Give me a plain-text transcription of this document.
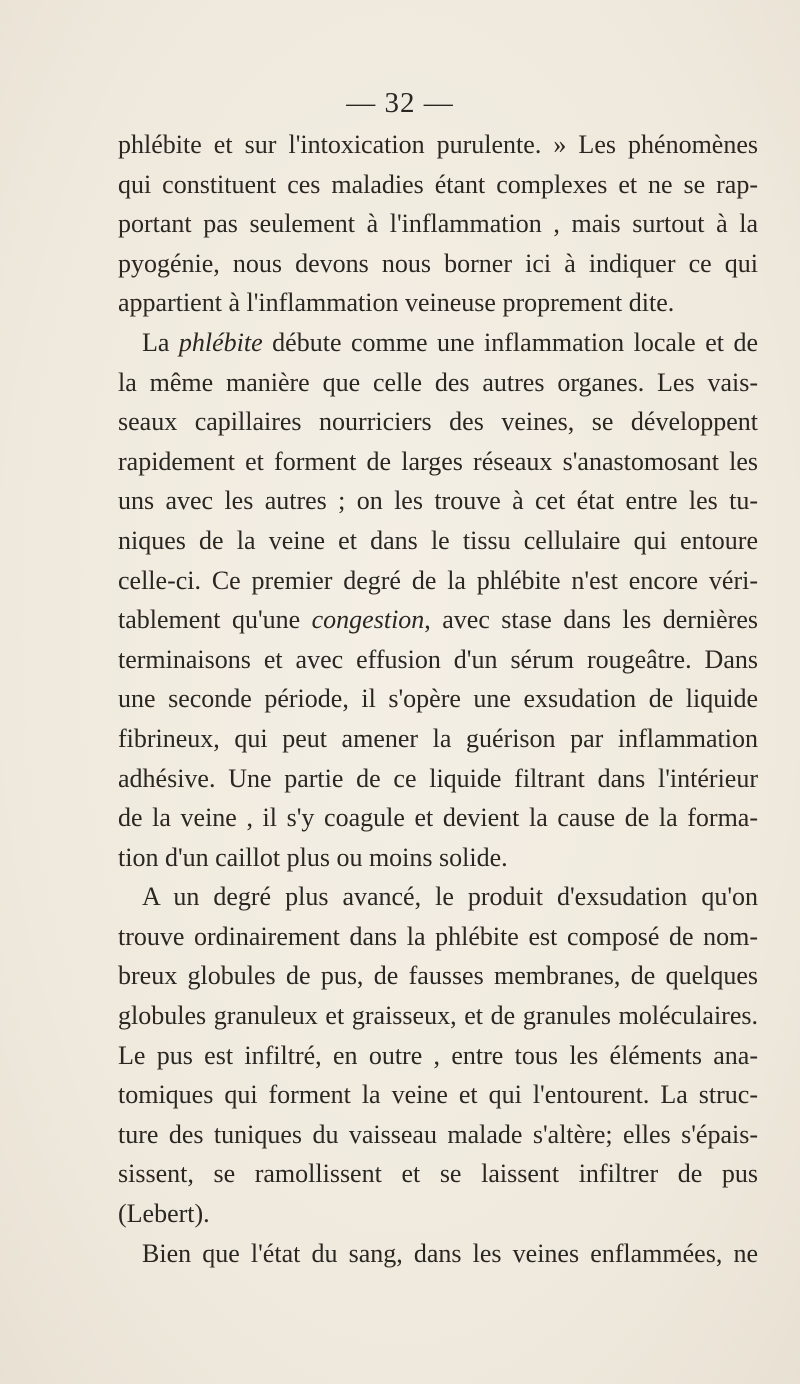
— 32 —
phlébite et sur l'intoxication purulente. » Les phénomènes
qui constituent ces maladies étant complexes et ne se rap-
portant pas seulement à l'inflammation , mais surtout à la
pyogénie, nous devons nous borner ici à indiquer ce qui
appartient à l'inflammation veineuse proprement dite.
La phlébite débute comme une inflammation locale et de
la même manière que celle des autres organes. Les vais-
seaux capillaires nourriciers des veines, se développent
rapidement et forment de larges réseaux s'anastomosant les
uns avec les autres ; on les trouve à cet état entre les tu-
niques de la veine et dans le tissu cellulaire qui entoure
celle-ci. Ce premier degré de la phlébite n'est encore véri-
tablement qu'une congestion, avec stase dans les dernières
terminaisons et avec effusion d'un sérum rougeâtre. Dans
une seconde période, il s'opère une exsudation de liquide
fibrineux, qui peut amener la guérison par inflammation
adhésive. Une partie de ce liquide filtrant dans l'intérieur
de la veine , il s'y coagule et devient la cause de la forma-
tion d'un caillot plus ou moins solide.
A un degré plus avancé, le produit d'exsudation qu'on
trouve ordinairement dans la phlébite est composé de nom-
breux globules de pus, de fausses membranes, de quelques
globules granuleux et graisseux, et de granules moléculaires.
Le pus est infiltré, en outre , entre tous les éléments ana-
tomiques qui forment la veine et qui l'entourent. La struc-
ture des tuniques du vaisseau malade s'altère; elles s'épais-
sissent, se ramollissent et se laissent infiltrer de pus
(Lebert).
Bien que l'état du sang, dans les veines enflammées, ne
